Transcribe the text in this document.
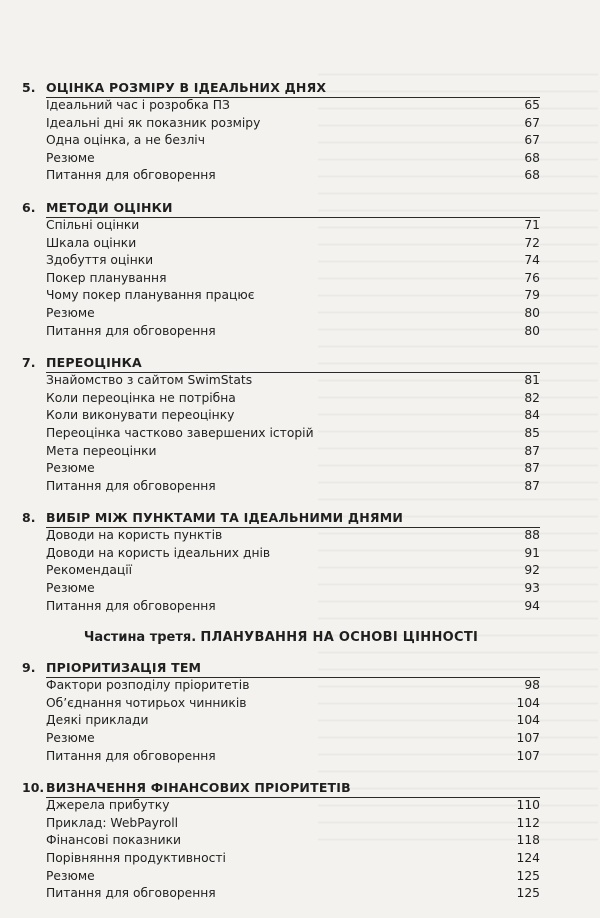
5. ОЦІНКА РОЗМІРУ В ІДЕАЛЬНИХ ДНЯХ
Ідеальний час і розробка ПЗ	65
Ідеальні дні як показник розміру	67
Одна оцінка, а не безліч	67
Резюме	68
Питання для обговорення	68
6. МЕТОДИ ОЦІНКИ
Спільні оцінки	71
Шкала оцінки	72
Здобуття оцінки	74
Покер планування	76
Чому покер планування працює	79
Резюме	80
Питання для обговорення	80
7. ПЕРЕОЦІНКА
Знайомство з сайтом SwimStats	81
Коли переоцінка не потрібна	82
Коли виконувати переоцінку	84
Переоцінка частково завершених історій	85
Мета переоцінки	87
Резюме	87
Питання для обговорення	87
8. ВИБІР МІЖ ПУНКТАМИ ТА ІДЕАЛЬНИМИ ДНЯМИ
Доводи на користь пунктів	88
Доводи на користь ідеальних днів	91
Рекомендації	92
Резюме	93
Питання для обговорення	94
Частина третя. ПЛАНУВАННЯ НА ОСНОВІ ЦІННОСТІ
9. ПРІОРИТИЗАЦІЯ ТЕМ
Фактори розподілу пріоритетів	98
Об’єднання чотирьох чинників	104
Деякі приклади	104
Резюме	107
Питання для обговорення	107
10. ВИЗНАЧЕННЯ ФІНАНСОВИХ ПРІОРИТЕТІВ
Джерела прибутку	110
Приклад: WebPayroll	112
Фінансові показники	118
Порівняння продуктивності	124
Резюме	125
Питання для обговорення	125
